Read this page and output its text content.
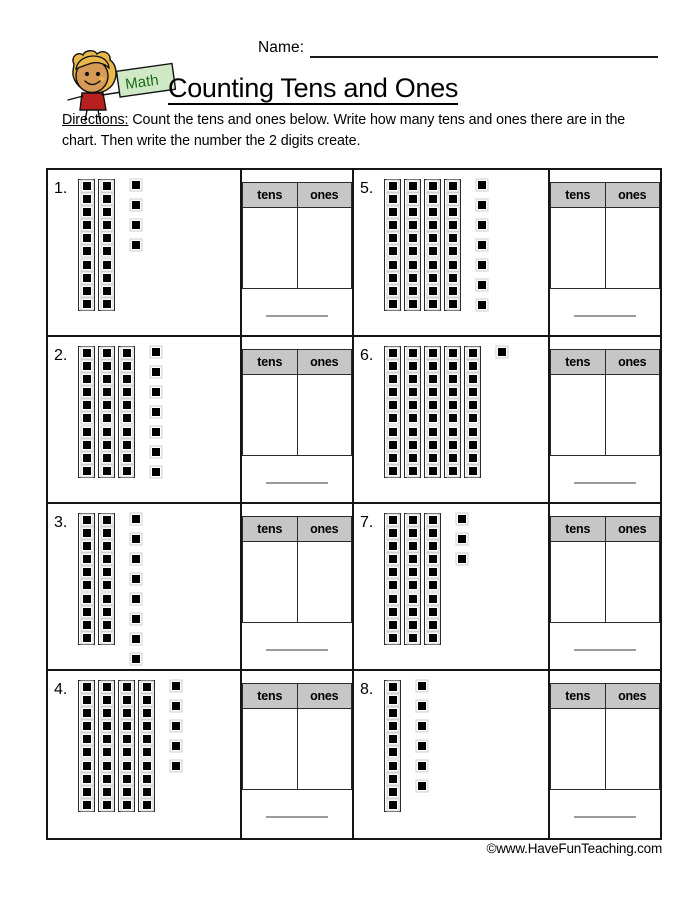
Name:
Math Counting Tens and Ones
Directions: Count the tens and ones below. Write how many tens and ones there are in the chart. Then write the number the 2 digits create.
1.	tens	ones
	5.	tens	ones

2.	tens	ones
	6.	tens	ones

3.	tens	ones
	7.	tens	ones

4.	tens	ones
	8.	tens	ones

©www.HaveFunTeaching.com
